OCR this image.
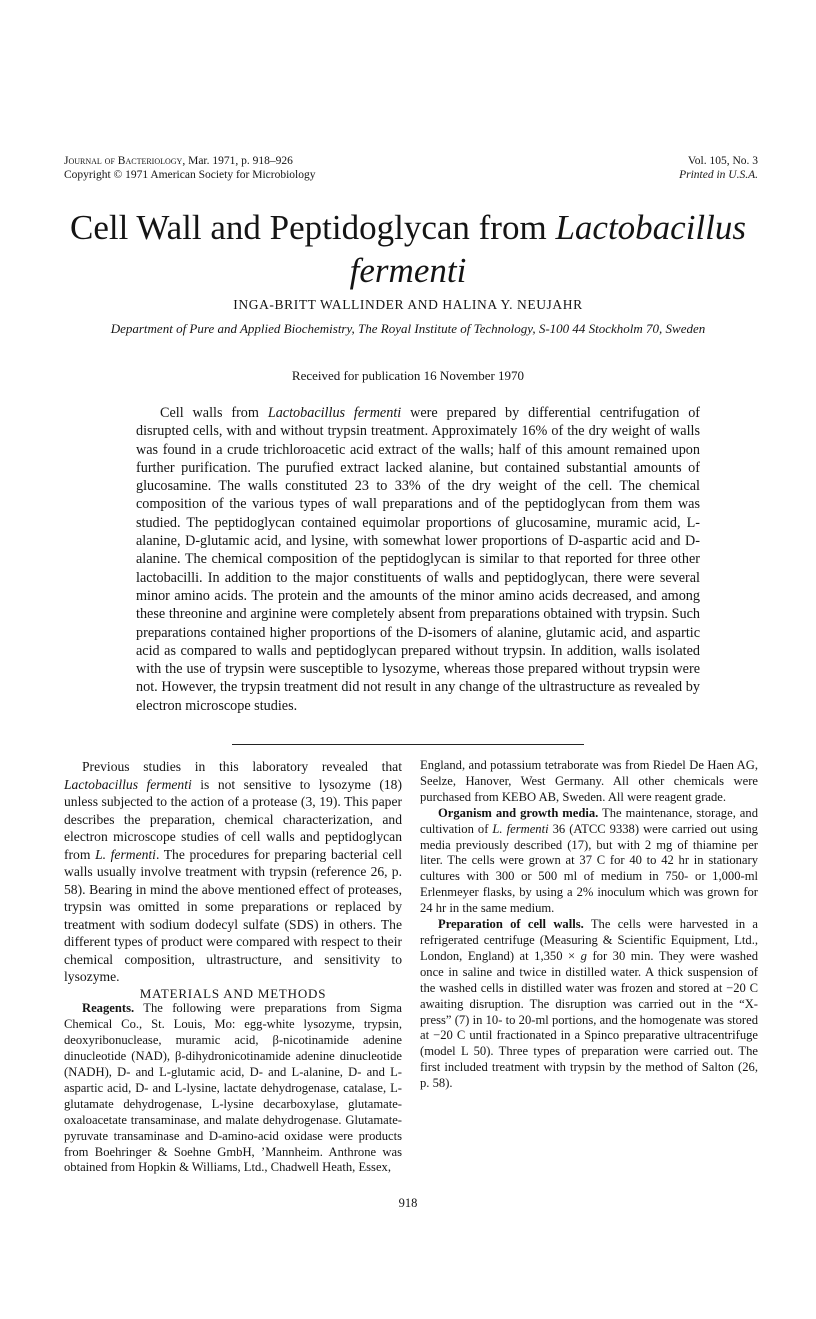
Journal of Bacteriology, Mar. 1971, p. 918–926
Copyright © 1971 American Society for Microbiology
Vol. 105, No. 3
Printed in U.S.A.
Cell Wall and Peptidoglycan from Lactobacillus fermenti
INGA-BRITT WALLINDER AND HALINA Y. NEUJAHR
Department of Pure and Applied Biochemistry, The Royal Institute of Technology, S-100 44 Stockholm 70, Sweden
Received for publication 16 November 1970

Cell walls from Lactobacillus fermenti were prepared by differential centrifugation of disrupted cells, with and without trypsin treatment. Approximately 16% of the dry weight of walls was found in a crude trichloroacetic acid extract of the walls; half of this amount remained upon further purification. The purufied extract lacked alanine, but contained substantial amounts of glucosamine. The walls constituted 23 to 33% of the dry weight of the cell. The chemical composition of the various types of wall preparations and of the peptidoglycan from them was studied. The peptidoglycan contained equimolar proportions of glucosamine, muramic acid, L-alanine, D-glutamic acid, and lysine, with somewhat lower proportions of D-aspartic acid and D-alanine. The chemical composition of the peptidoglycan is similar to that reported for three other lactobacilli. In addition to the major constituents of walls and peptidoglycan, there were several minor amino acids. The protein and the amounts of the minor amino acids decreased, and among these threonine and arginine were completely absent from preparations obtained with trypsin. Such preparations contained higher proportions of the D-isomers of alanine, glutamic acid, and aspartic acid as compared to walls and peptidoglycan prepared without trypsin. In addition, walls isolated with the use of trypsin were susceptible to lysozyme, whereas those prepared without trypsin were not. However, the trypsin treatment did not result in any change of the ultrastructure as revealed by electron microscope studies.

Previous studies in this laboratory revealed that Lactobacillus fermenti is not sensitive to lysozyme (18) unless subjected to the action of a protease (3, 19). This paper describes the preparation, chemical characterization, and electron microscope studies of cell walls and peptidoglycan from L. fermenti. The procedures for preparing bacterial cell walls usually involve treatment with trypsin (reference 26, p. 58). Bearing in mind the above mentioned effect of proteases, trypsin was omitted in some preparations or replaced by treatment with sodium dodecyl sulfate (SDS) in others. The different types of product were compared with respect to their chemical composition, ultrastructure, and sensitivity to lysozyme.

MATERIALS AND METHODS

Reagents. The following were preparations from Sigma Chemical Co., St. Louis, Mo: egg-white lysozyme, trypsin, deoxyribonuclease, muramic acid, β-nicotinamide adenine dinucleotide (NAD), β-dihydronicotinamide adenine dinucleotide (NADH), D- and L-glutamic acid, D- and L-alanine, D- and L-aspartic acid, D- and L-lysine, lactate dehydrogenase, catalase, L-glutamate dehydrogenase, L-lysine decarboxylase, glutamate-oxaloacetate transaminase, and malate dehydrogenase. Glutamate-pyruvate transaminase and D-amino-acid oxidase were products from Boehringer & Soehne GmbH, ’Mannheim. Anthrone was obtained from Hopkin & Williams, Ltd., Chadwell Heath, Essex,

England, and potassium tetraborate was from Riedel De Haen AG, Seelze, Hanover, West Germany. All other chemicals were purchased from KEBO AB, Sweden. All were reagent grade.

Organism and growth media. The maintenance, storage, and cultivation of L. fermenti 36 (ATCC 9338) were carried out using media previously described (17), but with 2 mg of thiamine per liter. The cells were grown at 37 C for 40 to 42 hr in stationary cultures with 300 or 500 ml of medium in 750- or 1,000-ml Erlenmeyer flasks, by using a 2% inoculum which was grown for 24 hr in the same medium.

Preparation of cell walls. The cells were harvested in a refrigerated centrifuge (Measuring & Scientific Equipment, Ltd., London, England) at 1,350 × g for 30 min. They were washed once in saline and twice in distilled water. A thick suspension of the washed cells in distilled water was frozen and stored at −20 C awaiting disruption. The disruption was carried out in the “X-press” (7) in 10- to 20-ml portions, and the homogenate was stored at −20 C until fractionated in a Spinco preparative ultracentrifuge (model L 50). Three types of preparation were carried out. The first included treatment with trypsin by the method of Salton (26, p. 58).

918
